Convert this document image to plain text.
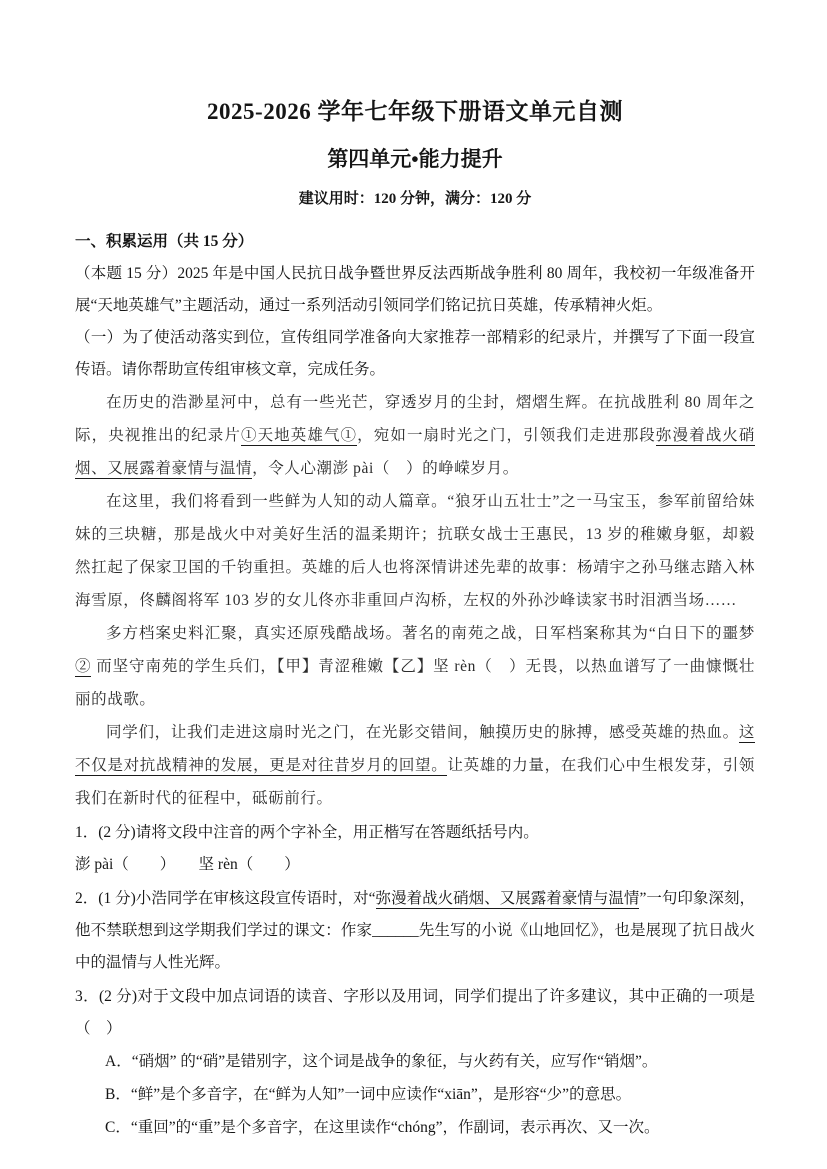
2025-2026 学年七年级下册语文单元自测
第四单元•能力提升
建议用时：120 分钟，满分：120 分
一、积累运用（共 15 分）

（本题 15 分）2025 年是中国人民抗日战争暨世界反法西斯战争胜利 80 周年，我校初一年级准备开展“天地英雄气”主题活动，通过一系列活动引领同学们铭记抗日英雄，传承精神火炬。

（一）为了使活动落实到位，宣传组同学准备向大家推荐一部精彩的纪录片，并撰写了下面一段宣传语。请你帮助宣传组审核文章，完成任务。

在历史的浩渺星河中，总有一些光芒，穿透岁月的尘封，熠熠生辉。在抗战胜利 80 周年之际，央视推出的纪录片①天地英雄气①，宛如一扇时光之门，引领我们走进那段弥漫着战火硝烟、又展露着豪情与温情，令人心潮澎 pài（　）的峥嵘岁月。

在这里，我们将看到一些鲜为人知的动人篇章。“狼牙山五壮士”之一马宝玉，参军前留给妹妹的三块糖，那是战火中对美好生活的温柔期许；抗联女战士王惠民，13 岁的稚嫩身躯，却毅然扛起了保家卫国的千钧重担。英雄的后人也将深情讲述先辈的故事：杨靖宇之孙马继志踏入林海雪原，佟麟阁将军 103 岁的女儿佟亦非重回卢沟桥，左权的外孙沙峰读家书时泪洒当场……

多方档案史料汇聚，真实还原残酷战场。著名的南苑之战，日军档案称其为“白日下的噩梦 ② 而坚守南苑的学生兵们，【甲】青涩稚嫩【乙】坚 rèn（　）无畏，以热血谱写了一曲慷慨壮丽的战歌。

同学们，让我们走进这扇时光之门，在光影交错间，触摸历史的脉搏，感受英雄的热血。这不仅是对抗战精神的发展，更是对往昔岁月的回望。让英雄的力量，在我们心中生根发芽，引领我们在新时代的征程中，砥砺前行。

1．(2 分)请将文段中注音的两个字补全，用正楷写在答题纸括号内。

澎 pài（　　）　　坚 rèn（　　）

2．(1 分)小浩同学在审核这段宣传语时，对“弥漫着战火硝烟、又展露着豪情与温情”一句印象深刻，他不禁联想到这学期我们学过的课文：作家______先生写的小说《山地回忆》，也是展现了抗日战火中的温情与人性光辉。

3．(2 分)对于文段中加点词语的读音、字形以及用词，同学们提出了许多建议，其中正确的一项是（　）

A．“硝烟” 的“硝”是错别字，这个词是战争的象征，与火药有关，应写作“销烟”。

B．“鲜”是个多音字，在“鲜为人知”一词中应读作“xiān”，是形容“少”的意思。

C．“重回”的“重”是个多音字，在这里读作“chóng”，作副词，表示再次、又一次。
